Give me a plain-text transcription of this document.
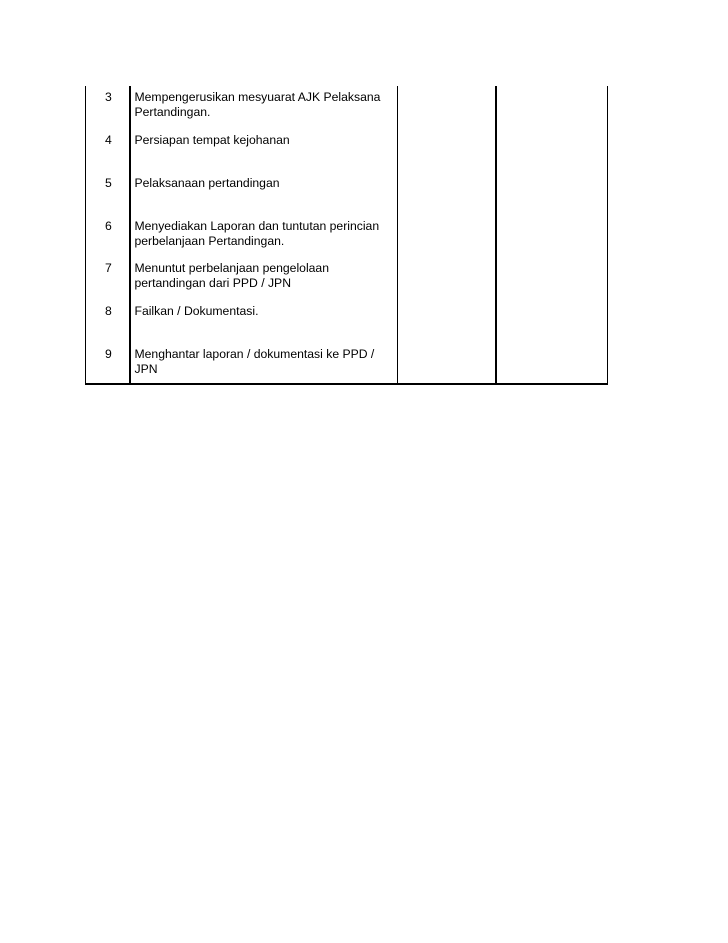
3	Mempengerusikan mesyuarat AJK Pelaksana Pertandingan.		

4	Persiapan tempat kejohanan		

5	Pelaksanaan pertandingan		

6	Menyediakan Laporan dan tuntutan perincian perbelanjaan Pertandingan.		

7	Menuntut perbelanjaan pengelolaan pertandingan dari PPD / JPN		

8	Failkan / Dokumentasi.		

9	Menghantar laporan / dokumentasi ke PPD / JPN		
